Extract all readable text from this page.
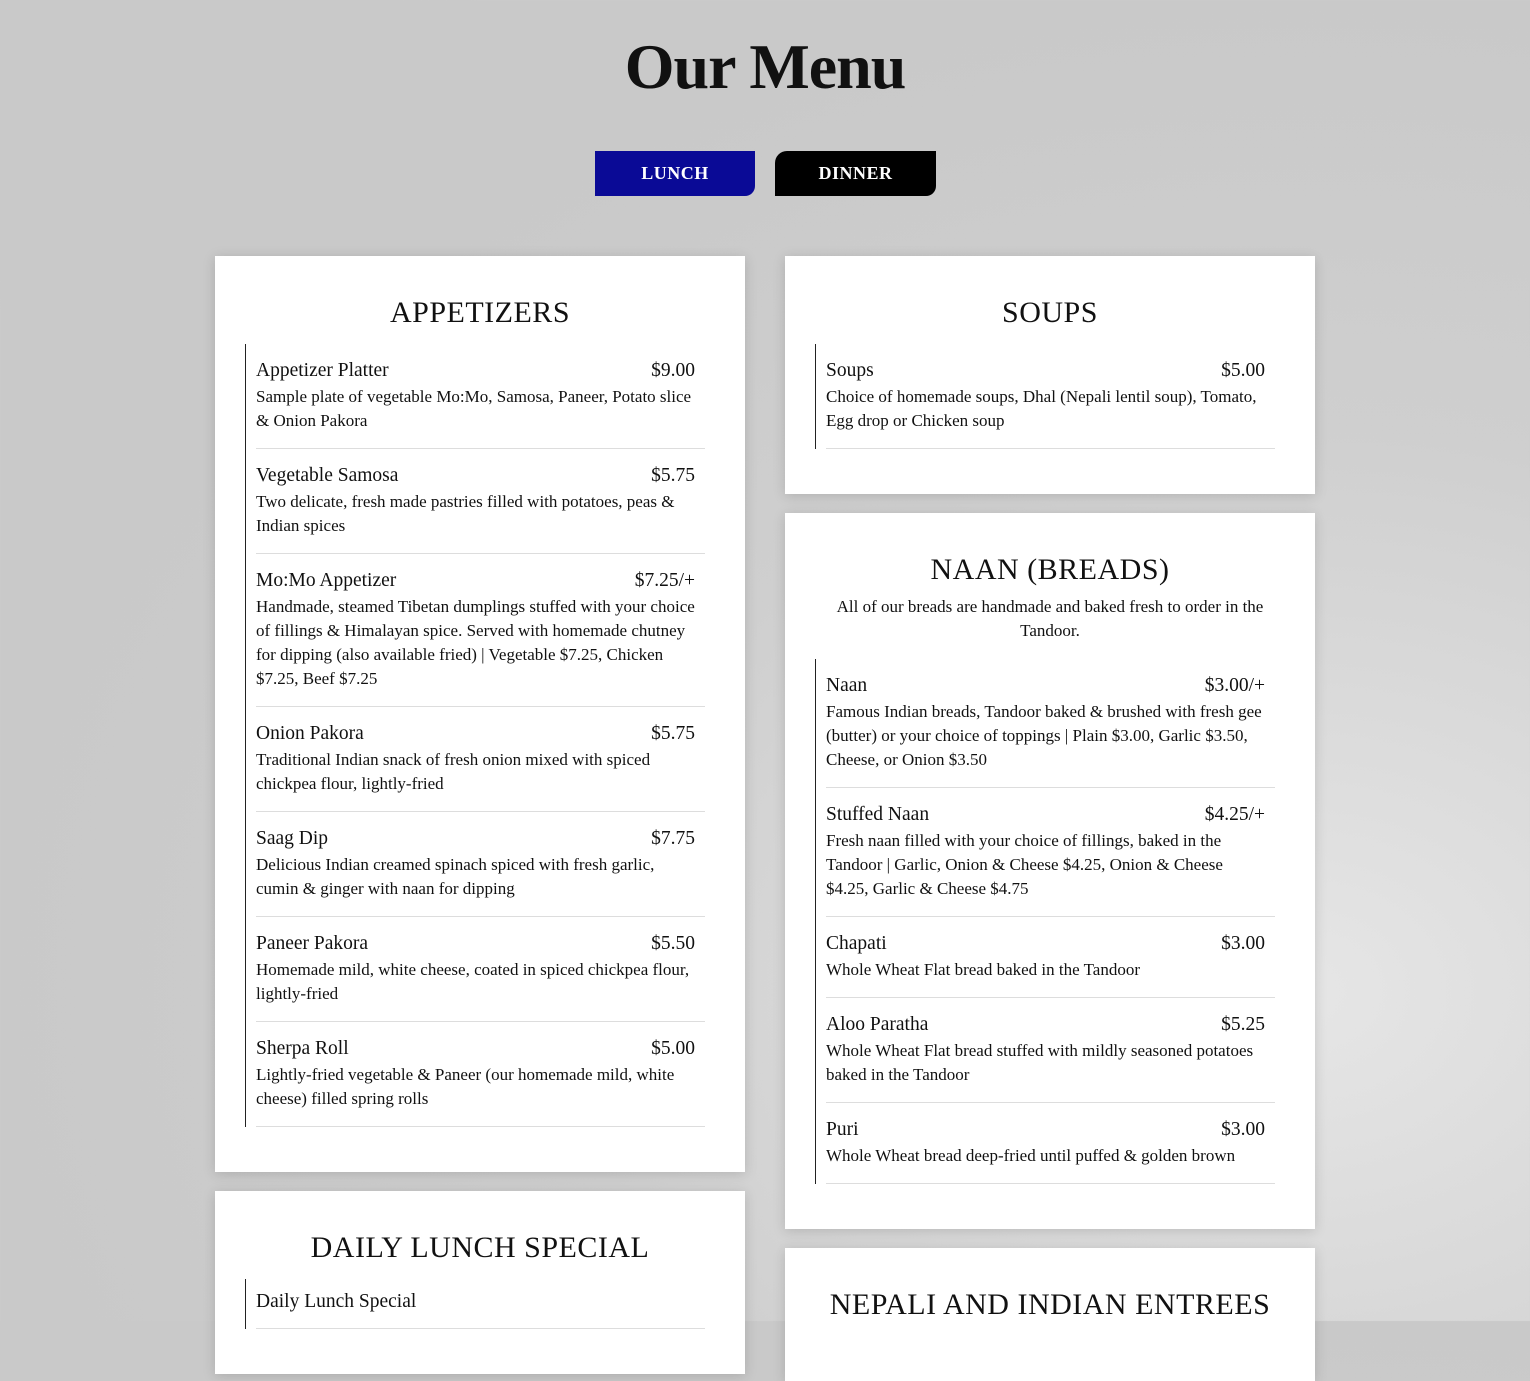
Our Menu
LUNCH	DINNER
APPETIZERS
Appetizer Platter	$9.00
Sample plate of vegetable Mo:Mo, Samosa, Paneer, Potato slice & Onion Pakora
Vegetable Samosa	$5.75
Two delicate, fresh made pastries filled with potatoes, peas & Indian spices
Mo:Mo Appetizer	$7.25/+
Handmade, steamed Tibetan dumplings stuffed with your choice of fillings & Himalayan spice. Served with homemade chutney for dipping (also available fried) | Vegetable $7.25, Chicken $7.25, Beef $7.25
Onion Pakora	$5.75
Traditional Indian snack of fresh onion mixed with spiced chickpea flour, lightly-fried
Saag Dip	$7.75
Delicious Indian creamed spinach spiced with fresh garlic, cumin & ginger with naan for dipping
Paneer Pakora	$5.50
Homemade mild, white cheese, coated in spiced chickpea flour, lightly-fried
Sherpa Roll	$5.00
Lightly-fried vegetable & Paneer (our homemade mild, white cheese) filled spring rolls
DAILY LUNCH SPECIAL
Daily Lunch Special
SOUPS
Soups	$5.00
Choice of homemade soups, Dhal (Nepali lentil soup), Tomato, Egg drop or Chicken soup
NAAN (BREADS)

All of our breads are handmade and baked fresh to order in the Tandoor.

Naan	$3.00/+
Famous Indian breads, Tandoor baked & brushed with fresh gee (butter) or your choice of toppings | Plain $3.00, Garlic $3.50, Cheese, or Onion $3.50
Stuffed Naan	$4.25/+
Fresh naan filled with your choice of fillings, baked in the Tandoor | Garlic, Onion & Cheese $4.25, Onion & Cheese $4.25, Garlic & Cheese $4.75
Chapati	$3.00
Whole Wheat Flat bread baked in the Tandoor
Aloo Paratha	$5.25
Whole Wheat Flat bread stuffed with mildly seasoned potatoes baked in the Tandoor
Puri	$3.00
Whole Wheat bread deep-fried until puffed & golden brown
NEPALI AND INDIAN ENTREES
